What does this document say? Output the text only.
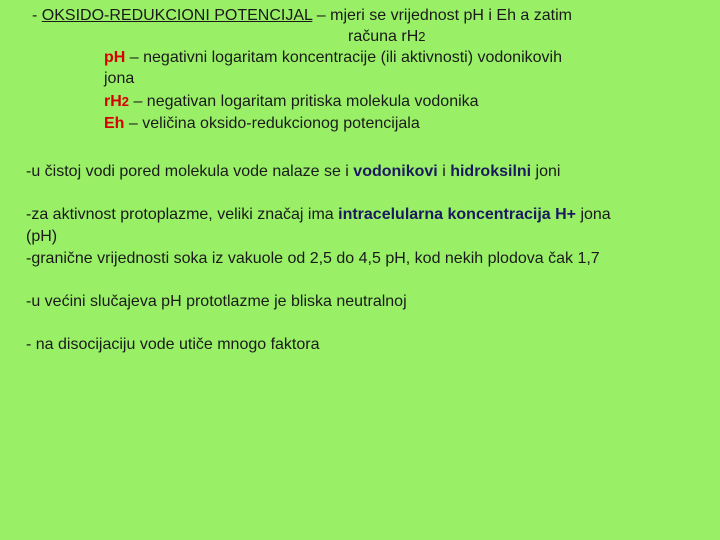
- OKSIDO-REDUKCIONI POTENCIJAL – mjeri se vrijednost pH i Eh a zatim
računa rH2
pH – negativni logaritam koncentracije (ili aktivnosti) vodonikovih
jona
rH2 – negativan logaritam pritiska molekula vodonika
Eh – veličina oksido-redukcionog potencijala
-u čistoj vodi pored molekula vode nalaze se i vodonikovi i hidroksilni joni
-za aktivnost protoplazme, veliki značaj ima intracelularna koncentracija H+ jona
(pH)
-granične vrijednosti soka iz vakuole od 2,5 do 4,5 pH, kod nekih plodova čak 1,7
-u većini slučajeva pH prototlazme je bliska neutralnoj
- na disocijaciju vode utiče mnogo faktora
